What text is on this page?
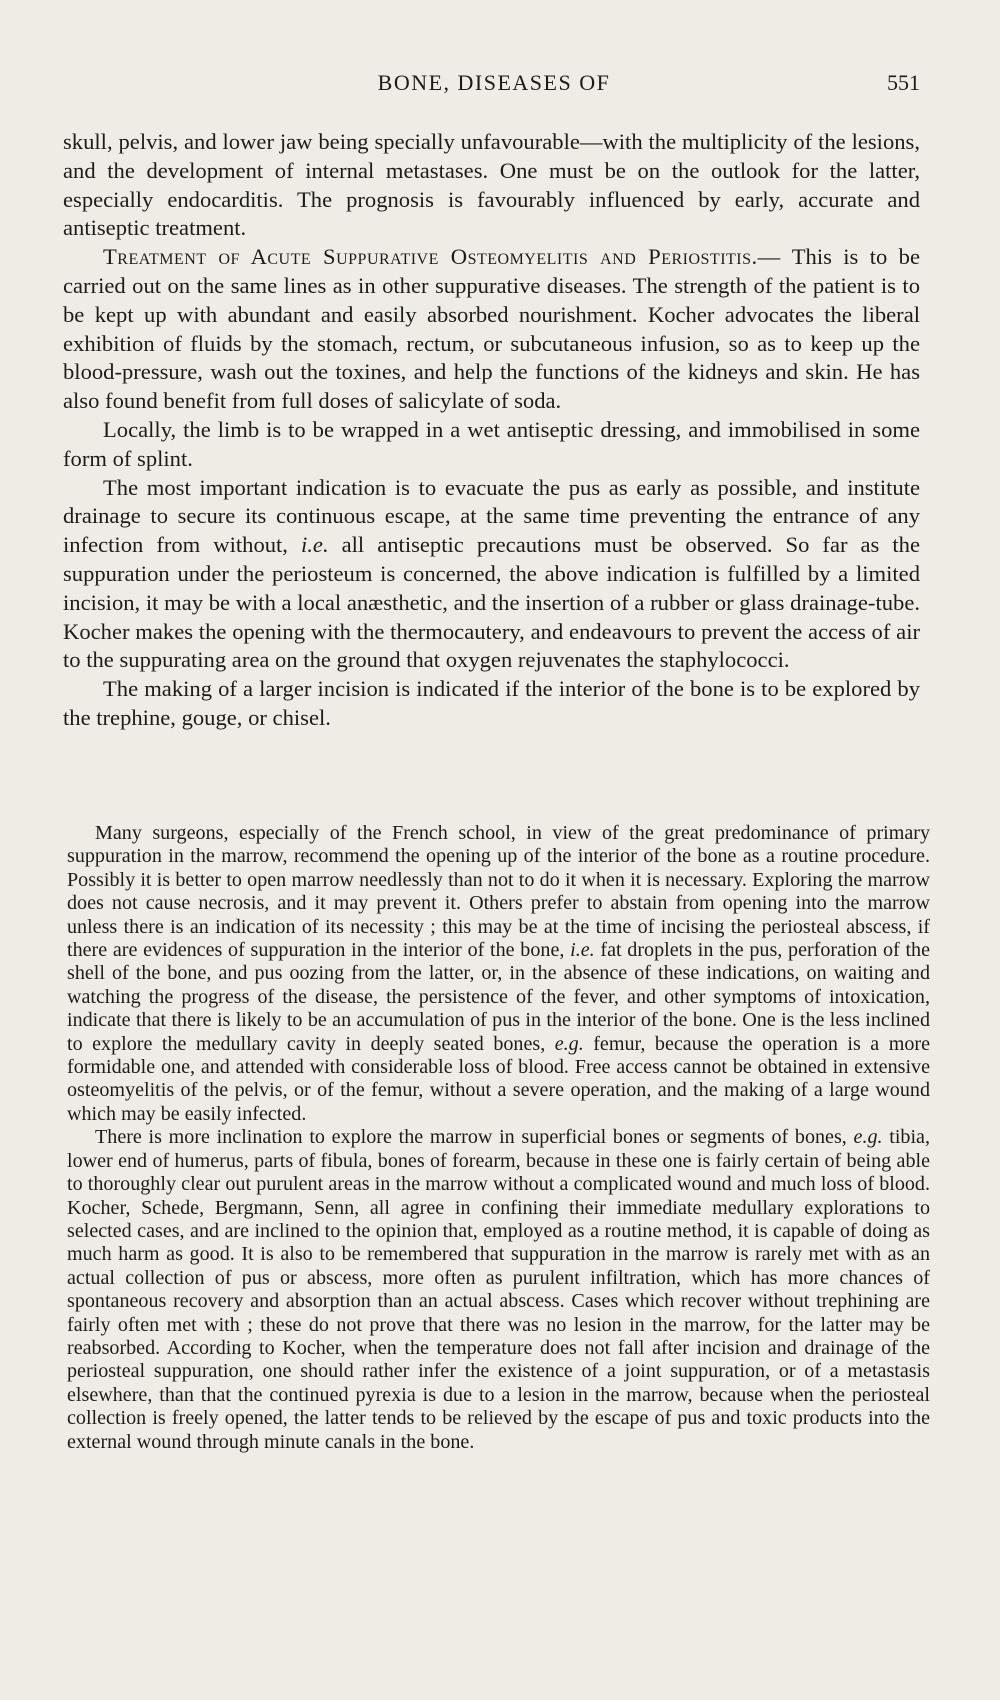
BONE, DISEASES OF	551

skull, pelvis, and lower jaw being specially unfavourable—with the multiplicity of the lesions, and the development of internal metastases. One must be on the outlook for the latter, especially endocarditis. The prognosis is favourably influenced by early, accurate and antiseptic treatment.

Treatment of Acute Suppurative Osteomyelitis and Periostitis.— This is to be carried out on the same lines as in other suppurative diseases. The strength of the patient is to be kept up with abundant and easily absorbed nourishment. Kocher advocates the liberal exhibition of fluids by the stomach, rectum, or subcutaneous infusion, so as to keep up the blood-pressure, wash out the toxines, and help the functions of the kidneys and skin. He has also found benefit from full doses of salicylate of soda.

Locally, the limb is to be wrapped in a wet antiseptic dressing, and immobilised in some form of splint.

The most important indication is to evacuate the pus as early as possible, and institute drainage to secure its continuous escape, at the same time preventing the entrance of any infection from without, i.e. all antiseptic precautions must be observed. So far as the suppuration under the periosteum is concerned, the above indication is fulfilled by a limited incision, it may be with a local anæsthetic, and the insertion of a rubber or glass drainage-tube. Kocher makes the opening with the thermocautery, and endeavours to prevent the access of air to the suppurating area on the ground that oxygen rejuvenates the staphylococci.

The making of a larger incision is indicated if the interior of the bone is to be explored by the trephine, gouge, or chisel.

Many surgeons, especially of the French school, in view of the great predominance of primary suppuration in the marrow, recommend the opening up of the interior of the bone as a routine procedure. Possibly it is better to open marrow needlessly than not to do it when it is necessary. Exploring the marrow does not cause necrosis, and it may prevent it. Others prefer to abstain from opening into the marrow unless there is an indication of its necessity ; this may be at the time of incising the periosteal abscess, if there are evidences of suppuration in the interior of the bone, i.e. fat droplets in the pus, perforation of the shell of the bone, and pus oozing from the latter, or, in the absence of these indications, on waiting and watching the progress of the disease, the persistence of the fever, and other symptoms of intoxication, indicate that there is likely to be an accumulation of pus in the interior of the bone. One is the less inclined to explore the medullary cavity in deeply seated bones, e.g. femur, because the operation is a more formidable one, and attended with considerable loss of blood. Free access cannot be obtained in extensive osteomyelitis of the pelvis, or of the femur, without a severe operation, and the making of a large wound which may be easily infected.

There is more inclination to explore the marrow in superficial bones or segments of bones, e.g. tibia, lower end of humerus, parts of fibula, bones of forearm, because in these one is fairly certain of being able to thoroughly clear out purulent areas in the marrow without a complicated wound and much loss of blood. Kocher, Schede, Bergmann, Senn, all agree in confining their immediate medullary explorations to selected cases, and are inclined to the opinion that, employed as a routine method, it is capable of doing as much harm as good. It is also to be remembered that suppuration in the marrow is rarely met with as an actual collection of pus or abscess, more often as purulent infiltration, which has more chances of spontaneous recovery and absorption than an actual abscess. Cases which recover without trephining are fairly often met with ; these do not prove that there was no lesion in the marrow, for the latter may be reabsorbed. According to Kocher, when the temperature does not fall after incision and drainage of the periosteal suppuration, one should rather infer the existence of a joint suppuration, or of a metastasis elsewhere, than that the continued pyrexia is due to a lesion in the marrow, because when the periosteal collection is freely opened, the latter tends to be relieved by the escape of pus and toxic products into the external wound through minute canals in the bone.
